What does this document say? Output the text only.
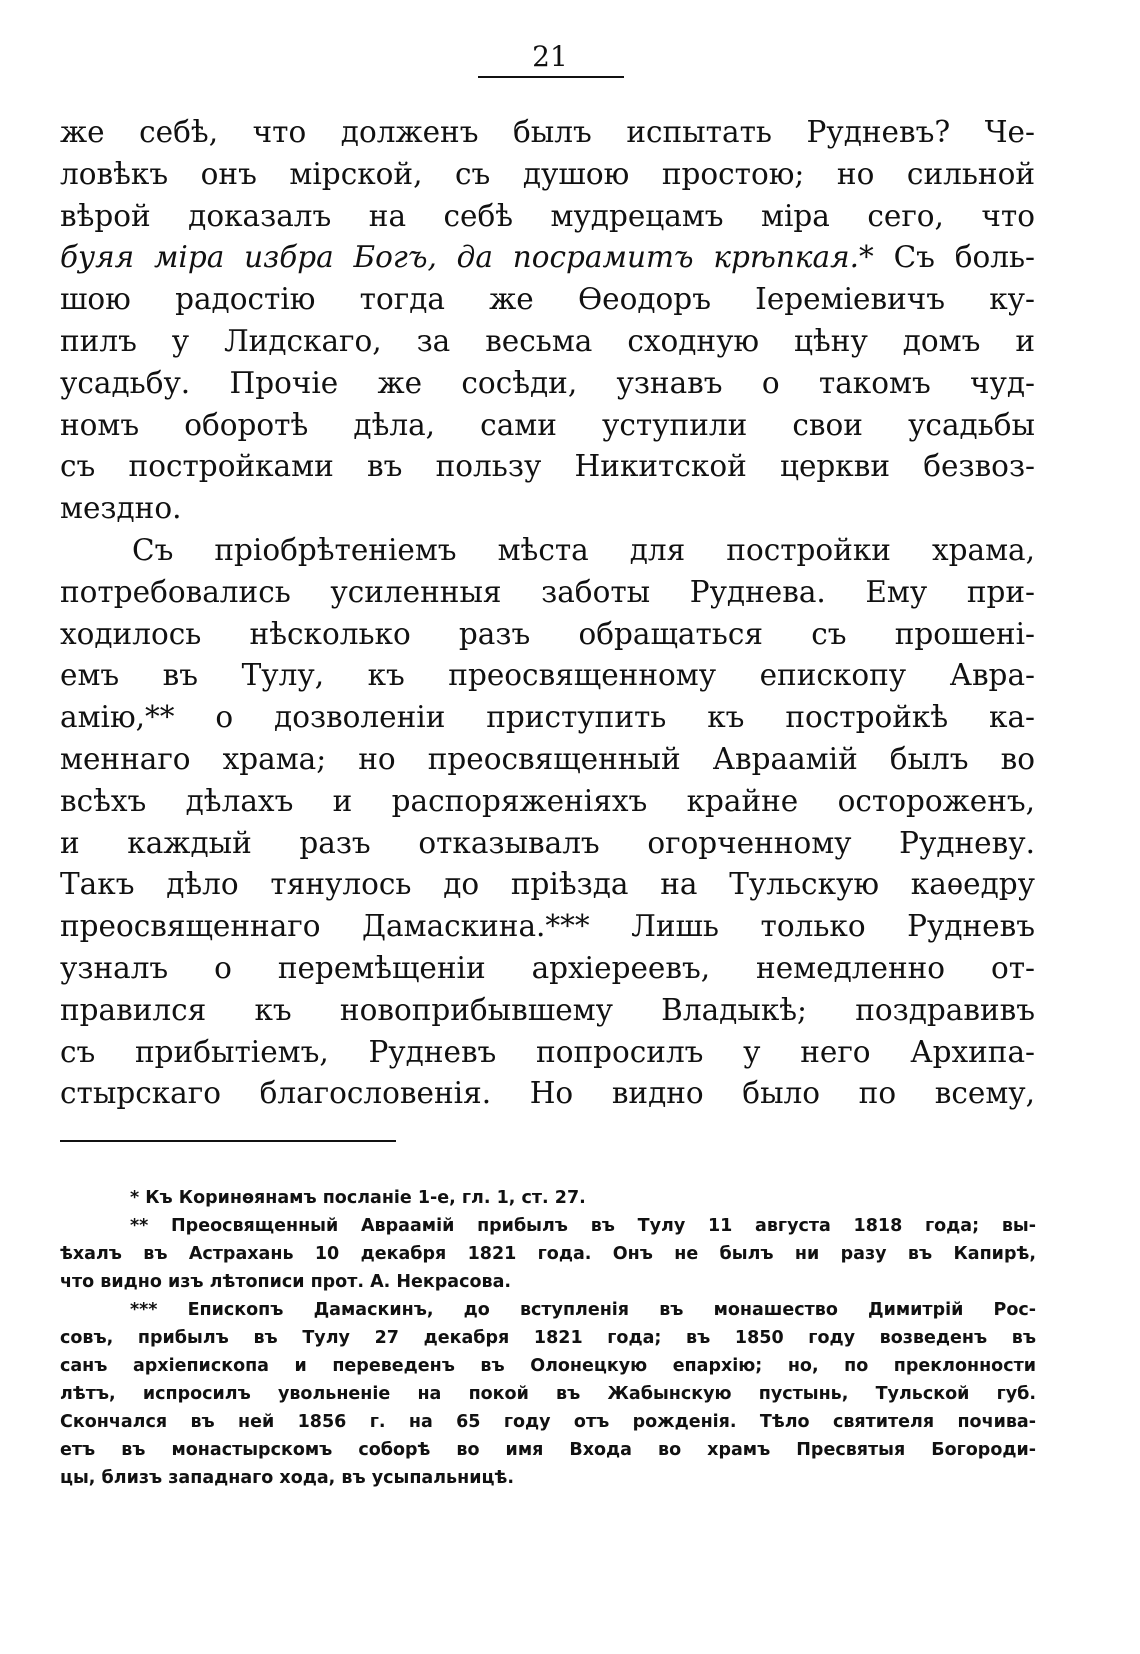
21
же себѣ, что долженъ былъ испытать Рудневъ? Че-
ловѣкъ онъ мірской, съ душою простою; но сильной
вѣрой доказалъ на себѣ мудрецамъ міра сего, что
буяя міра избра Богъ, да посрамитъ крѣпкая.* Съ боль-
шою радостію тогда же Ѳеодоръ Іереміевичъ ку-
пилъ у Лидскаго, за весьма сходную цѣну домъ и
усадьбу. Прочіе же сосѣди, узнавъ о такомъ чуд-
номъ оборотѣ дѣла, сами уступили свои усадьбы
съ постройками въ пользу Никитской церкви безвоз-
мездно.
Съ пріобрѣтеніемъ мѣста для постройки храма,
потребовались усиленныя заботы Руднева. Ему при-
ходилось нѣсколько разъ обращаться съ прошені-
емъ въ Тулу, къ преосвященному епископу Авра-
амію,** о дозволеніи приступить къ постройкѣ ка-
меннаго храма; но преосвященный Авраамій былъ во
всѣхъ дѣлахъ и распоряженіяхъ крайне остороженъ,
и каждый разъ отказывалъ огорченному Рудневу.
Такъ дѣло тянулось до пріѣзда на Тульскую каѳедру
преосвященнаго Дамаскина.*** Лишь только Рудневъ
узналъ о перемѣщеніи архіереевъ, немедленно от-
правился къ новоприбывшему Владыкѣ; поздравивъ
съ прибытіемъ, Рудневъ попросилъ у него Архипа-
стырскаго благословенія. Но видно было по всему,
* Къ Коринѳянамъ посланіе 1-е, гл. 1, ст. 27.
** Преосвященный Авраамій прибылъ въ Тулу 11 августа 1818 года; вы-
ѣхалъ въ Астрахань 10 декабря 1821 года. Онъ не былъ ни разу въ Капирѣ,
что видно изъ лѣтописи прот. А. Некрасова.
*** Епископъ Дамаскинъ, до вступленія въ монашество Димитрій Рос-
совъ, прибылъ въ Тулу 27 декабря 1821 года; въ 1850 году возведенъ въ
санъ архіепископа и переведенъ въ Олонецкую епархію; но, по преклонности
лѣтъ, испросилъ увольненіе на покой въ Жабынскую пустынь, Тульской губ.
Скончался въ ней 1856 г. на 65 году отъ рожденія. Тѣло святителя почива-
етъ въ монастырскомъ соборѣ во имя Входа во храмъ Пресвятыя Богороди-
цы, близъ западнаго хода, въ усыпальницѣ.
